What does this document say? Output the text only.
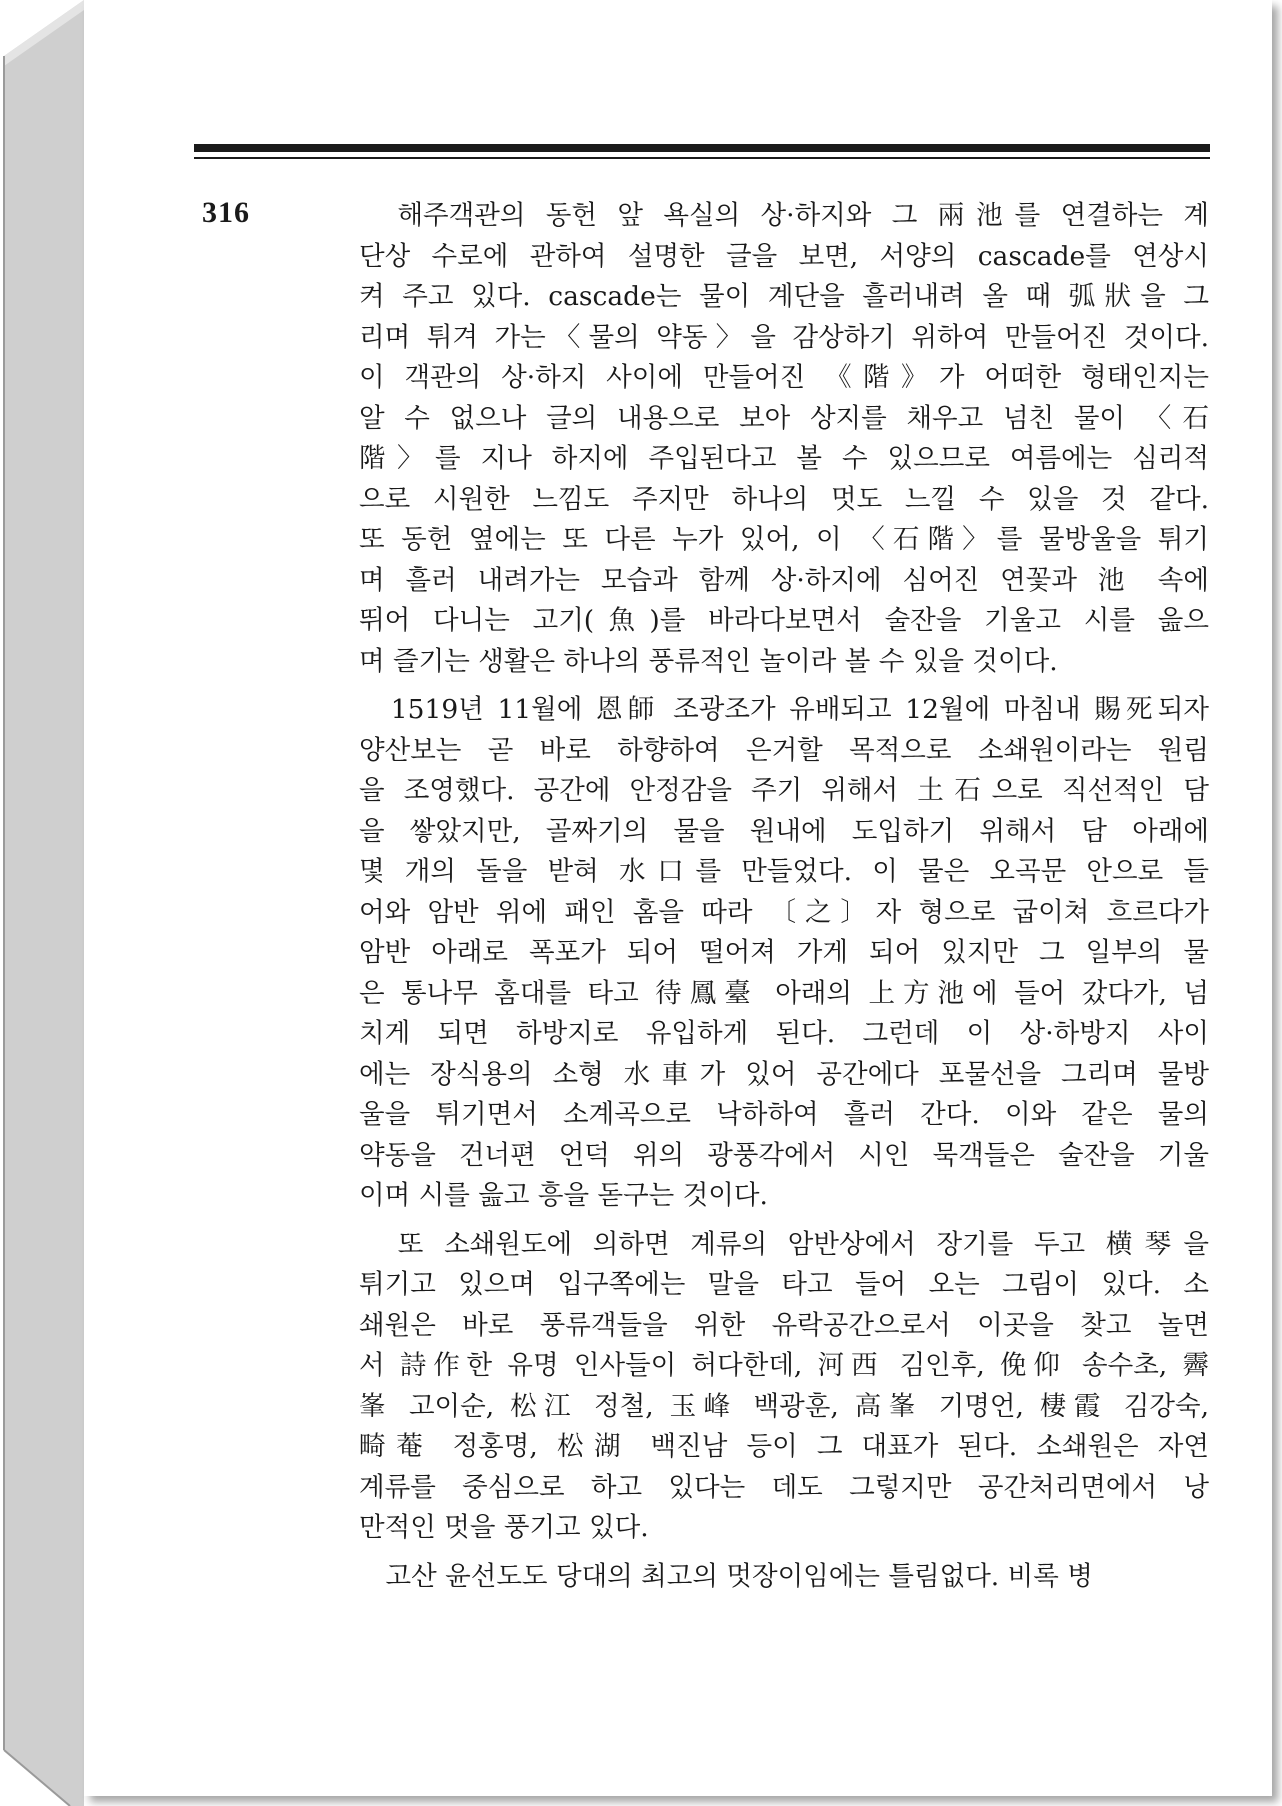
316	　해주객관의 동헌 앞 욕실의 상·하지와 그 兩池를 연결하는 계
단상 수로에 관하여 설명한 글을 보면, 서양의 cascade를 연상시
켜 주고 있다. cascade는 물이 계단을 흘러내려 올 때 弧狀을 그
리며 튀겨 가는〈물의 약동〉을 감상하기 위하여 만들어진 것이다.
이 객관의 상·하지 사이에 만들어진 《階》가 어떠한 형태인지는
알 수 없으나 글의 내용으로 보아 상지를 채우고 넘친 물이 〈石
階〉를 지나 하지에 주입된다고 볼 수 있으므로 여름에는 심리적
으로 시원한 느낌도 주지만 하나의 멋도 느낄 수 있을 것 같다.
또 동헌 옆에는 또 다른 누가 있어, 이 〈石階〉를 물방울을 튀기
며 흘러 내려가는 모습과 함께 상·하지에 심어진 연꽃과 池 속에
뛰어 다니는 고기(魚)를 바라다보면서 술잔을 기울고 시를 읊으
며 즐기는 생활은 하나의 풍류적인 놀이라 볼 수 있을 것이다.
　1519년 11월에 恩師 조광조가 유배되고 12월에 마침내 賜死되자
양산보는 곧 바로 하향하여 은거할 목적으로 소쇄원이라는 원림
을 조영했다. 공간에 안정감을 주기 위해서 土石으로 직선적인 담
을 쌓았지만, 골짜기의 물을 원내에 도입하기 위해서 담 아래에
몇 개의 돌을 받혀 水口를 만들었다. 이 물은 오곡문 안으로 들
어와 암반 위에 패인 홈을 따라 〔之〕자 형으로 굽이쳐 흐르다가
암반 아래로 폭포가 되어 떨어져 가게 되어 있지만 그 일부의 물
은 통나무 홈대를 타고 待鳳臺 아래의 上方池에 들어 갔다가, 넘
치게 되면 하방지로 유입하게 된다. 그런데 이 상·하방지 사이
에는 장식용의 소형 水車가 있어 공간에다 포물선을 그리며 물방
울을 튀기면서 소계곡으로 낙하하여 흘러 간다. 이와 같은 물의
약동을 건너편 언덕 위의 광풍각에서 시인 묵객들은 술잔을 기울
이며 시를 읊고 흥을 돋구는 것이다.
　또 소쇄원도에 의하면 계류의 암반상에서 장기를 두고 横琴을
튀기고 있으며 입구쪽에는 말을 타고 들어 오는 그림이 있다. 소
쇄원은 바로 풍류객들을 위한 유락공간으로서 이곳을 찾고 놀면
서 詩作한 유명 인사들이 허다한데, 河西 김인후, 俛仰 송수초, 霽
峯 고이순, 松江 정철, 玉峰 백광훈, 高峯 기명언, 棲霞 김강숙,
畸菴 정홍명, 松湖 백진남 등이 그 대표가 된다. 소쇄원은 자연
계류를 중심으로 하고 있다는 데도 그렇지만 공간처리면에서 낭
만적인 멋을 풍기고 있다.
　고산 윤선도도 당대의 최고의 멋장이임에는 틀림없다. 비록 병
